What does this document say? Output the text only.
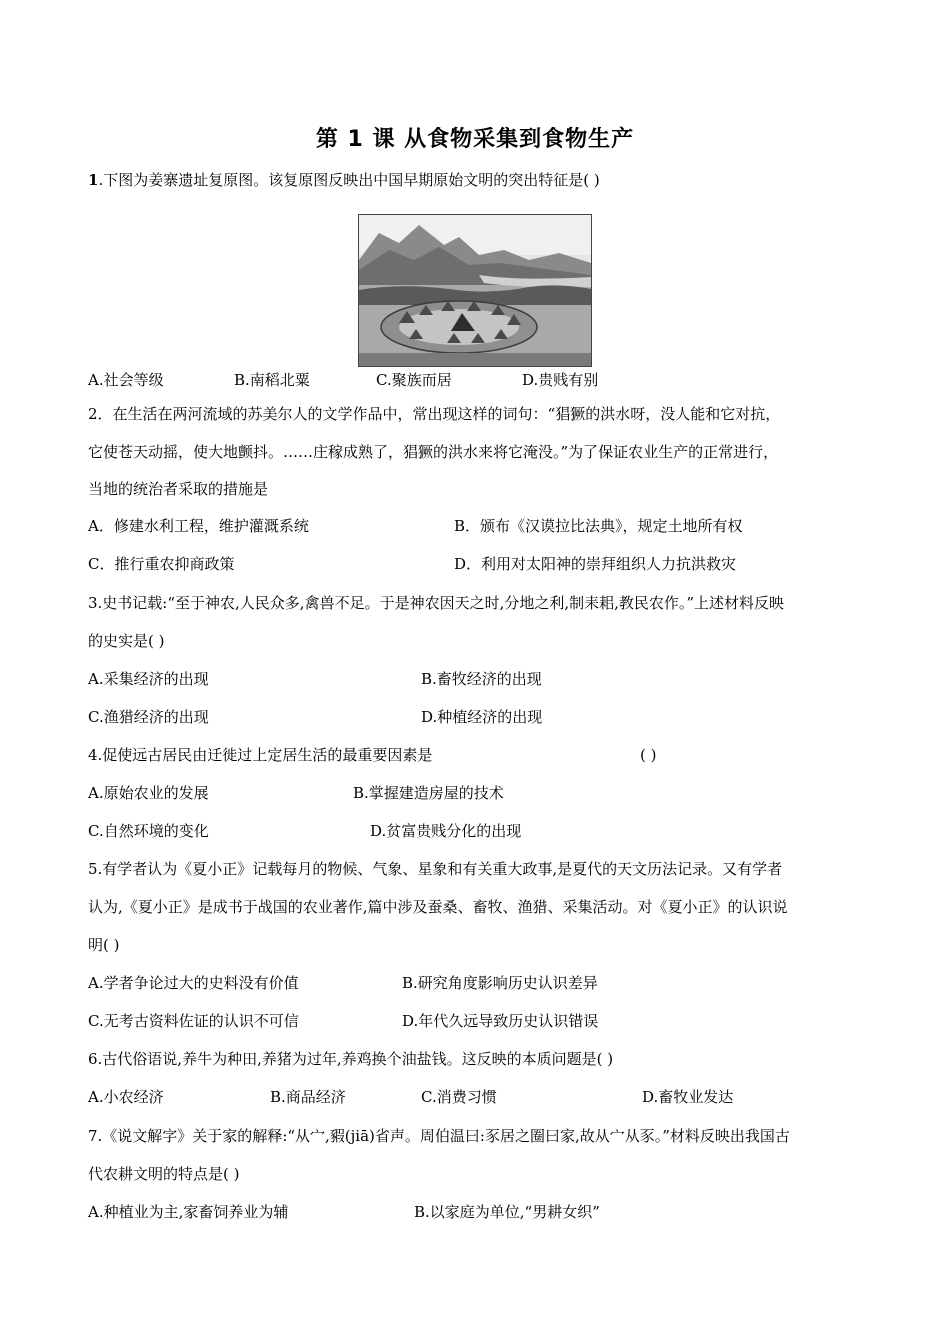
第 1 课 从食物采集到食物生产
1.下图为姜寨遗址复原图。该复原图反映出中国早期原始文明的突出特征是( )
A.社会等级	B.南稻北粟	C.聚族而居	D.贵贱有别
2．在生活在两河流域的苏美尔人的文学作品中，常出现这样的词句：“猖獗的洪水呀，没人能和它对抗，
它使苍天动摇，使大地颤抖。……庄稼成熟了，猖獗的洪水来将它淹没。”为了保证农业生产的正常进行，
当地的统治者采取的措施是
A．修建水利工程，维护灌溉系统	B．颁布《汉谟拉比法典》，规定土地所有权
C．推行重农抑商政策	D．利用对太阳神的崇拜组织人力抗洪救灾
3.史书记载:“至于神农,人民众多,禽兽不足。于是神农因天之时,分地之利,制耒耜,教民农作。”上述材料反映
的史实是( )
A.采集经济的出现	B.畜牧经济的出现
C.渔猎经济的出现	D.种植经济的出现
4.促使远古居民由迁徙过上定居生活的最重要因素是	( )
A.原始农业的发展	B.掌握建造房屋的技术
C.自然环境的变化	D.贫富贵贱分化的出现
5.有学者认为《夏小正》记载每月的物候、气象、星象和有关重大政事,是夏代的天文历法记录。又有学者
认为,《夏小正》是成书于战国的农业著作,篇中涉及蚕桑、畜牧、渔猎、采集活动。对《夏小正》的认识说
明( )
A.学者争论过大的史料没有价值	B.研究角度影响历史认识差异
C.无考古资料佐证的认识不可信	D.年代久远导致历史认识错误
6.古代俗语说,养牛为种田,养猪为过年,养鸡换个油盐钱。这反映的本质问题是( )
A.小农经济	B.商品经济	C.消费习惯	D.畜牧业发达
7.《说文解字》关于家的解释:“从宀,豭(jiā)省声。周伯温曰:豕居之圈曰家,故从宀从豕。”材料反映出我国古
代农耕文明的特点是( )
A.种植业为主,家畜饲养业为辅	B.以家庭为单位,“男耕女织”
